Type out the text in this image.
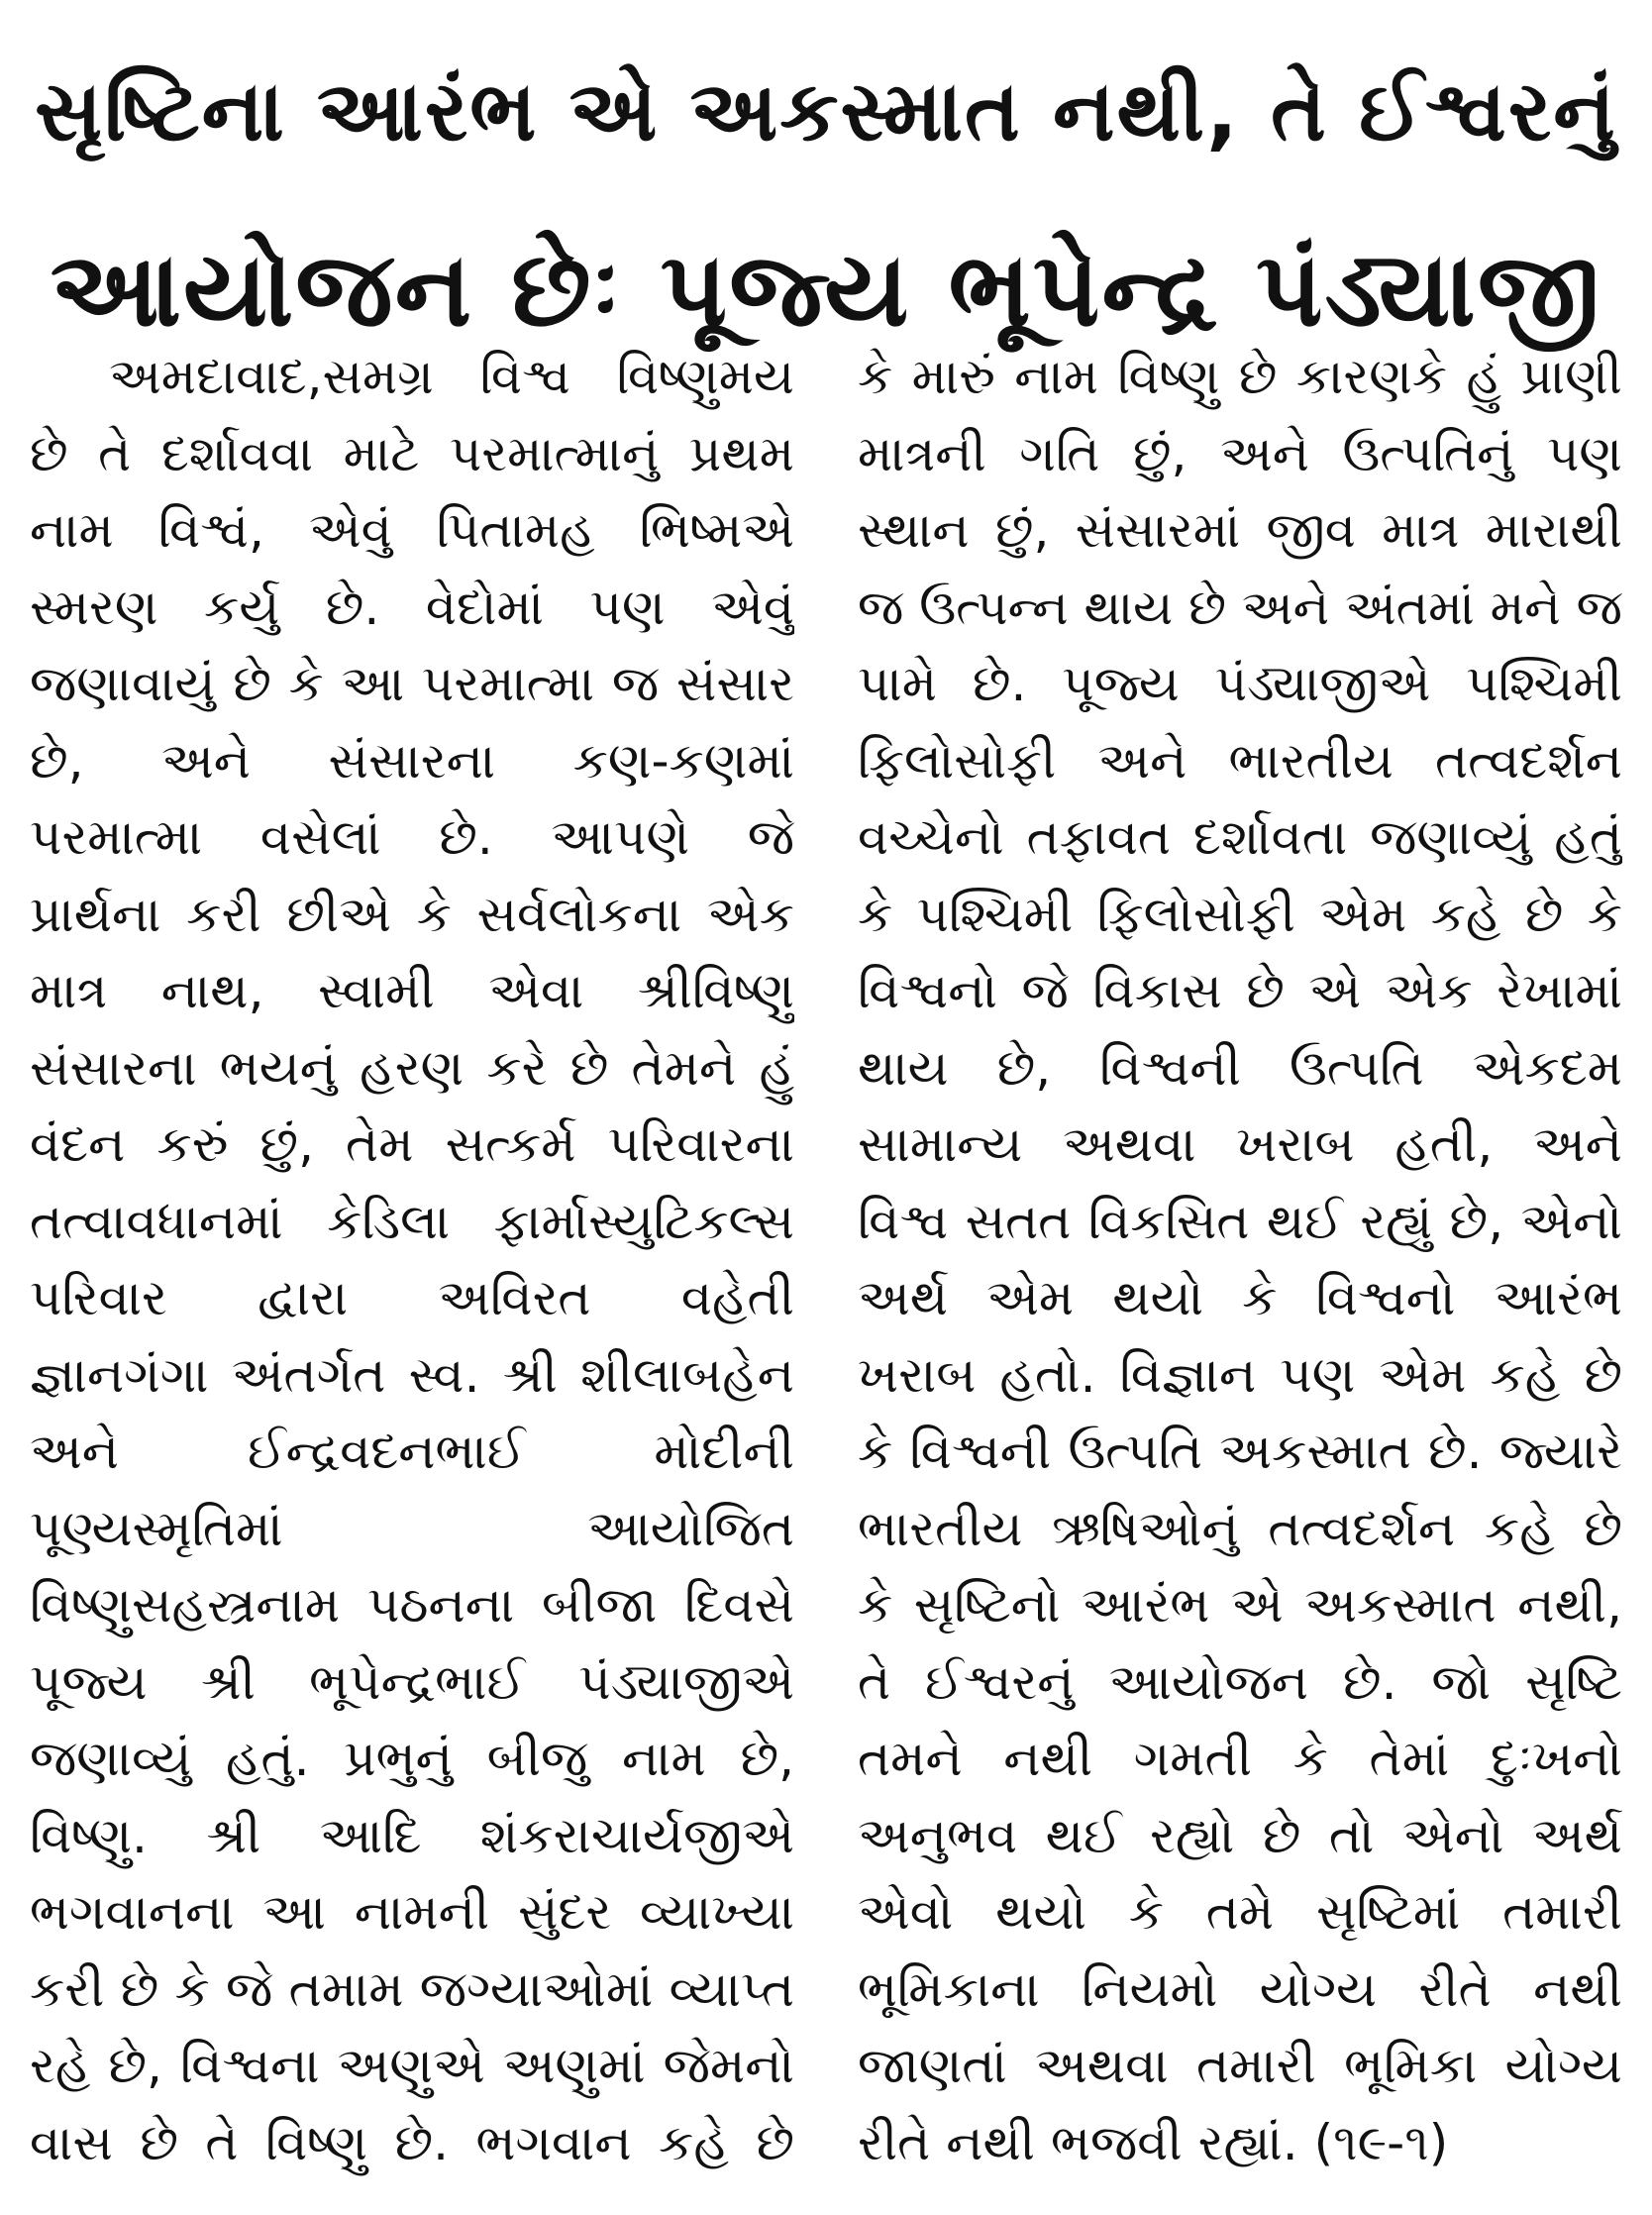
સૃષ્ટિના આરંભ એ અકસ્માત નથી, તે ઈશ્વરનું
આયોજન છેઃ પૂજ્ય ભૂપેન્દ્ર પંડ્યાજી
અમદાવાદ,સમગ્ર વિશ્વ વિષ્ણુમય
છે તે દર્શાવવા માટે પરમાત્માનું પ્રથમ
નામ વિશ્વં, એવું પિતામહ ભિષ્મએ
સ્મરણ કર્યુ છે. વેદોમાં પણ એવું
જણાવાયું છે કે આ પરમાત્મા જ સંસાર
છે, અને સંસારના કણ-કણમાં
પરમાત્મા વસેલાં છે. આપણે જે
પ્રાર્થના કરી છીએ કે સર્વલોકના એક
માત્ર નાથ, સ્વામી એવા શ્રીવિષ્ણુ
સંસારના ભયનું હરણ કરે છે તેમને હું
વંદન કરું છું, તેમ સત્કર્મ પરિવારના
તત્વાવધાનમાં કેડિલા ફાર્માસ્યુટિકલ્સ
પરિવાર દ્વારા અવિરત વહેતી
જ્ઞાનગંગા અંતર્ગત સ્વ. શ્રી શીલાબહેન
અને ઈન્દ્રવદનભાઈ મોદીની
પૂણ્યસ્મૃતિમાં આયોજિત
વિષ્ણુસહસ્ત્રનામ પઠનના બીજા દિવસે
પૂજ્ય શ્રી ભૂપેન્દ્રભાઈ પંડ્યાજીએ
જણાવ્યું હતું. પ્રભુનું બીજુ નામ છે,
વિષ્ણુ. શ્રી આદિ શંકરાચાર્યજીએ
ભગવાનના આ નામની સુંદર વ્યાખ્યા
કરી છે કે જે તમામ જગ્યાઓમાં વ્યાપ્ત
રહે છે, વિશ્વના અણુએ અણુમાં જેમનો
વાસ છે તે વિષ્ણુ છે. ભગવાન કહે છે
કે મારું નામ વિષ્ણુ છે કારણકે હું પ્રાણી
માત્રની ગતિ છું, અને ઉત્પતિનું પણ
સ્થાન છું, સંસારમાં જીવ માત્ર મારાથી
જ ઉત્પન્ન થાય છે અને અંતમાં મને જ
પામે છે. પૂજ્ય પંડ્યાજીએ પશ્ચિમી
ફિલોસોફી અને ભારતીય તત્વદર્શન
વચ્ચેનો તફાવત દર્શાવતા જણાવ્યું હતું
કે પશ્ચિમી ફિલોસોફી એમ કહે છે કે
વિશ્વનો જે વિકાસ છે એ એક રેખામાં
થાય છે, વિશ્વની ઉત્પતિ એકદમ
સામાન્ય અથવા ખરાબ હતી, અને
વિશ્વ સતત વિકસિત થઈ રહ્યું છે, એનો
અર્થ એમ થયો કે વિશ્વનો આરંભ
ખરાબ હતો. વિજ્ઞાન પણ એમ કહે છે
કે વિશ્વની ઉત્પતિ અકસ્માત છે. જ્યારે
ભારતીય ઋષિઓનું તત્વદર્શન કહે છે
કે સૃષ્ટિનો આરંભ એ અકસ્માત નથી,
તે ઈશ્વરનું આયોજન છે. જો સૃષ્ટિ
તમને નથી ગમતી કે તેમાં દુઃખનો
અનુભવ થઈ રહ્યો છે તો એનો અર્થ
એવો થયો કે તમે સૃષ્ટિમાં તમારી
ભૂમિકાના નિયમો યોગ્ય રીતે નથી
જાણતાં અથવા તમારી ભૂમિકા યોગ્ય
રીતે નથી ભજવી રહ્યાં. (૧૯-૧)
